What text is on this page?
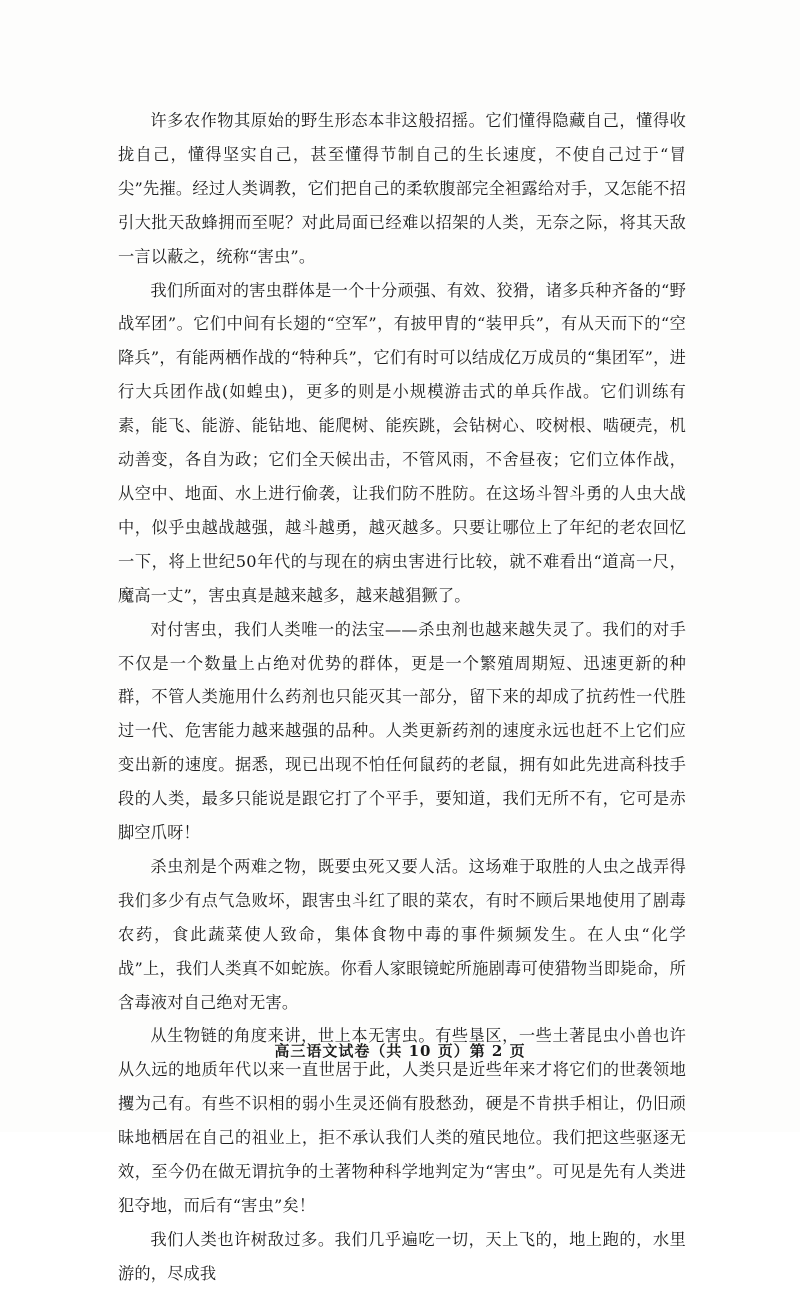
许多农作物其原始的野生形态本非这般招摇。它们懂得隐藏自己，懂得收拢自己，懂得坚实自己，甚至懂得节制自己的生长速度，不使自己过于“冒尖”先摧。经过人类调教，它们把自己的柔软腹部完全袒露给对手，又怎能不招引大批天敌蜂拥而至呢？对此局面已经难以招架的人类，无奈之际，将其天敌一言以蔽之，统称“害虫”。

我们所面对的害虫群体是一个十分顽强、有效、狡猾，诸多兵种齐备的“野战军团”。它们中间有长翅的“空军”，有披甲胄的“装甲兵”，有从天而下的“空降兵”，有能两栖作战的“特种兵”，它们有时可以结成亿万成员的“集团军”，进行大兵团作战(如蝗虫)，更多的则是小规模游击式的单兵作战。它们训练有素，能飞、能游、能钻地、能爬树、能疾跳，会钻树心、咬树根、啮硬壳，机动善变，各自为政；它们全天候出击，不管风雨，不舍昼夜；它们立体作战，从空中、地面、水上进行偷袭，让我们防不胜防。在这场斗智斗勇的人虫大战中，似乎虫越战越强，越斗越勇，越灭越多。只要让哪位上了年纪的老农回忆一下，将上世纪50年代的与现在的病虫害进行比较，就不难看出“道高一尺，魔高一丈”，害虫真是越来越多，越来越猖獗了。

对付害虫，我们人类唯一的法宝——杀虫剂也越来越失灵了。我们的对手不仅是一个数量上占绝对优势的群体，更是一个繁殖周期短、迅速更新的种群，不管人类施用什么药剂也只能灭其一部分，留下来的却成了抗药性一代胜过一代、危害能力越来越强的品种。人类更新药剂的速度永远也赶不上它们应变出新的速度。据悉，现已出现不怕任何鼠药的老鼠，拥有如此先进高科技手段的人类，最多只能说是跟它打了个平手，要知道，我们无所不有，它可是赤脚空爪呀！

杀虫剂是个两难之物，既要虫死又要人活。这场难于取胜的人虫之战弄得我们多少有点气急败坏，跟害虫斗红了眼的菜农，有时不顾后果地使用了剧毒农药，食此蔬菜使人致命，集体食物中毒的事件频频发生。在人虫“化学战”上，我们人类真不如蛇族。你看人家眼镜蛇所施剧毒可使猎物当即毙命，所含毒液对自己绝对无害。

从生物链的角度来讲，世上本无害虫。有些垦区，一些土著昆虫小兽也许从久远的地质年代以来一直世居于此，人类只是近些年来才将它们的世袭领地攫为己有。有些不识相的弱小生灵还倘有股愁劲，硬是不肯拱手相让，仍旧顽昧地栖居在自己的祖业上，拒不承认我们人类的殖民地位。我们把这些驱逐无效，至今仍在做无谓抗争的土著物种科学地判定为“害虫”。可见是先有人类进犯夺地，而后有“害虫”矣！

我们人类也许树敌过多。我们几乎遍吃一切，天上飞的，地上跑的，水里游的，尽成我

高三语文试卷（共 10 页）第 2 页
